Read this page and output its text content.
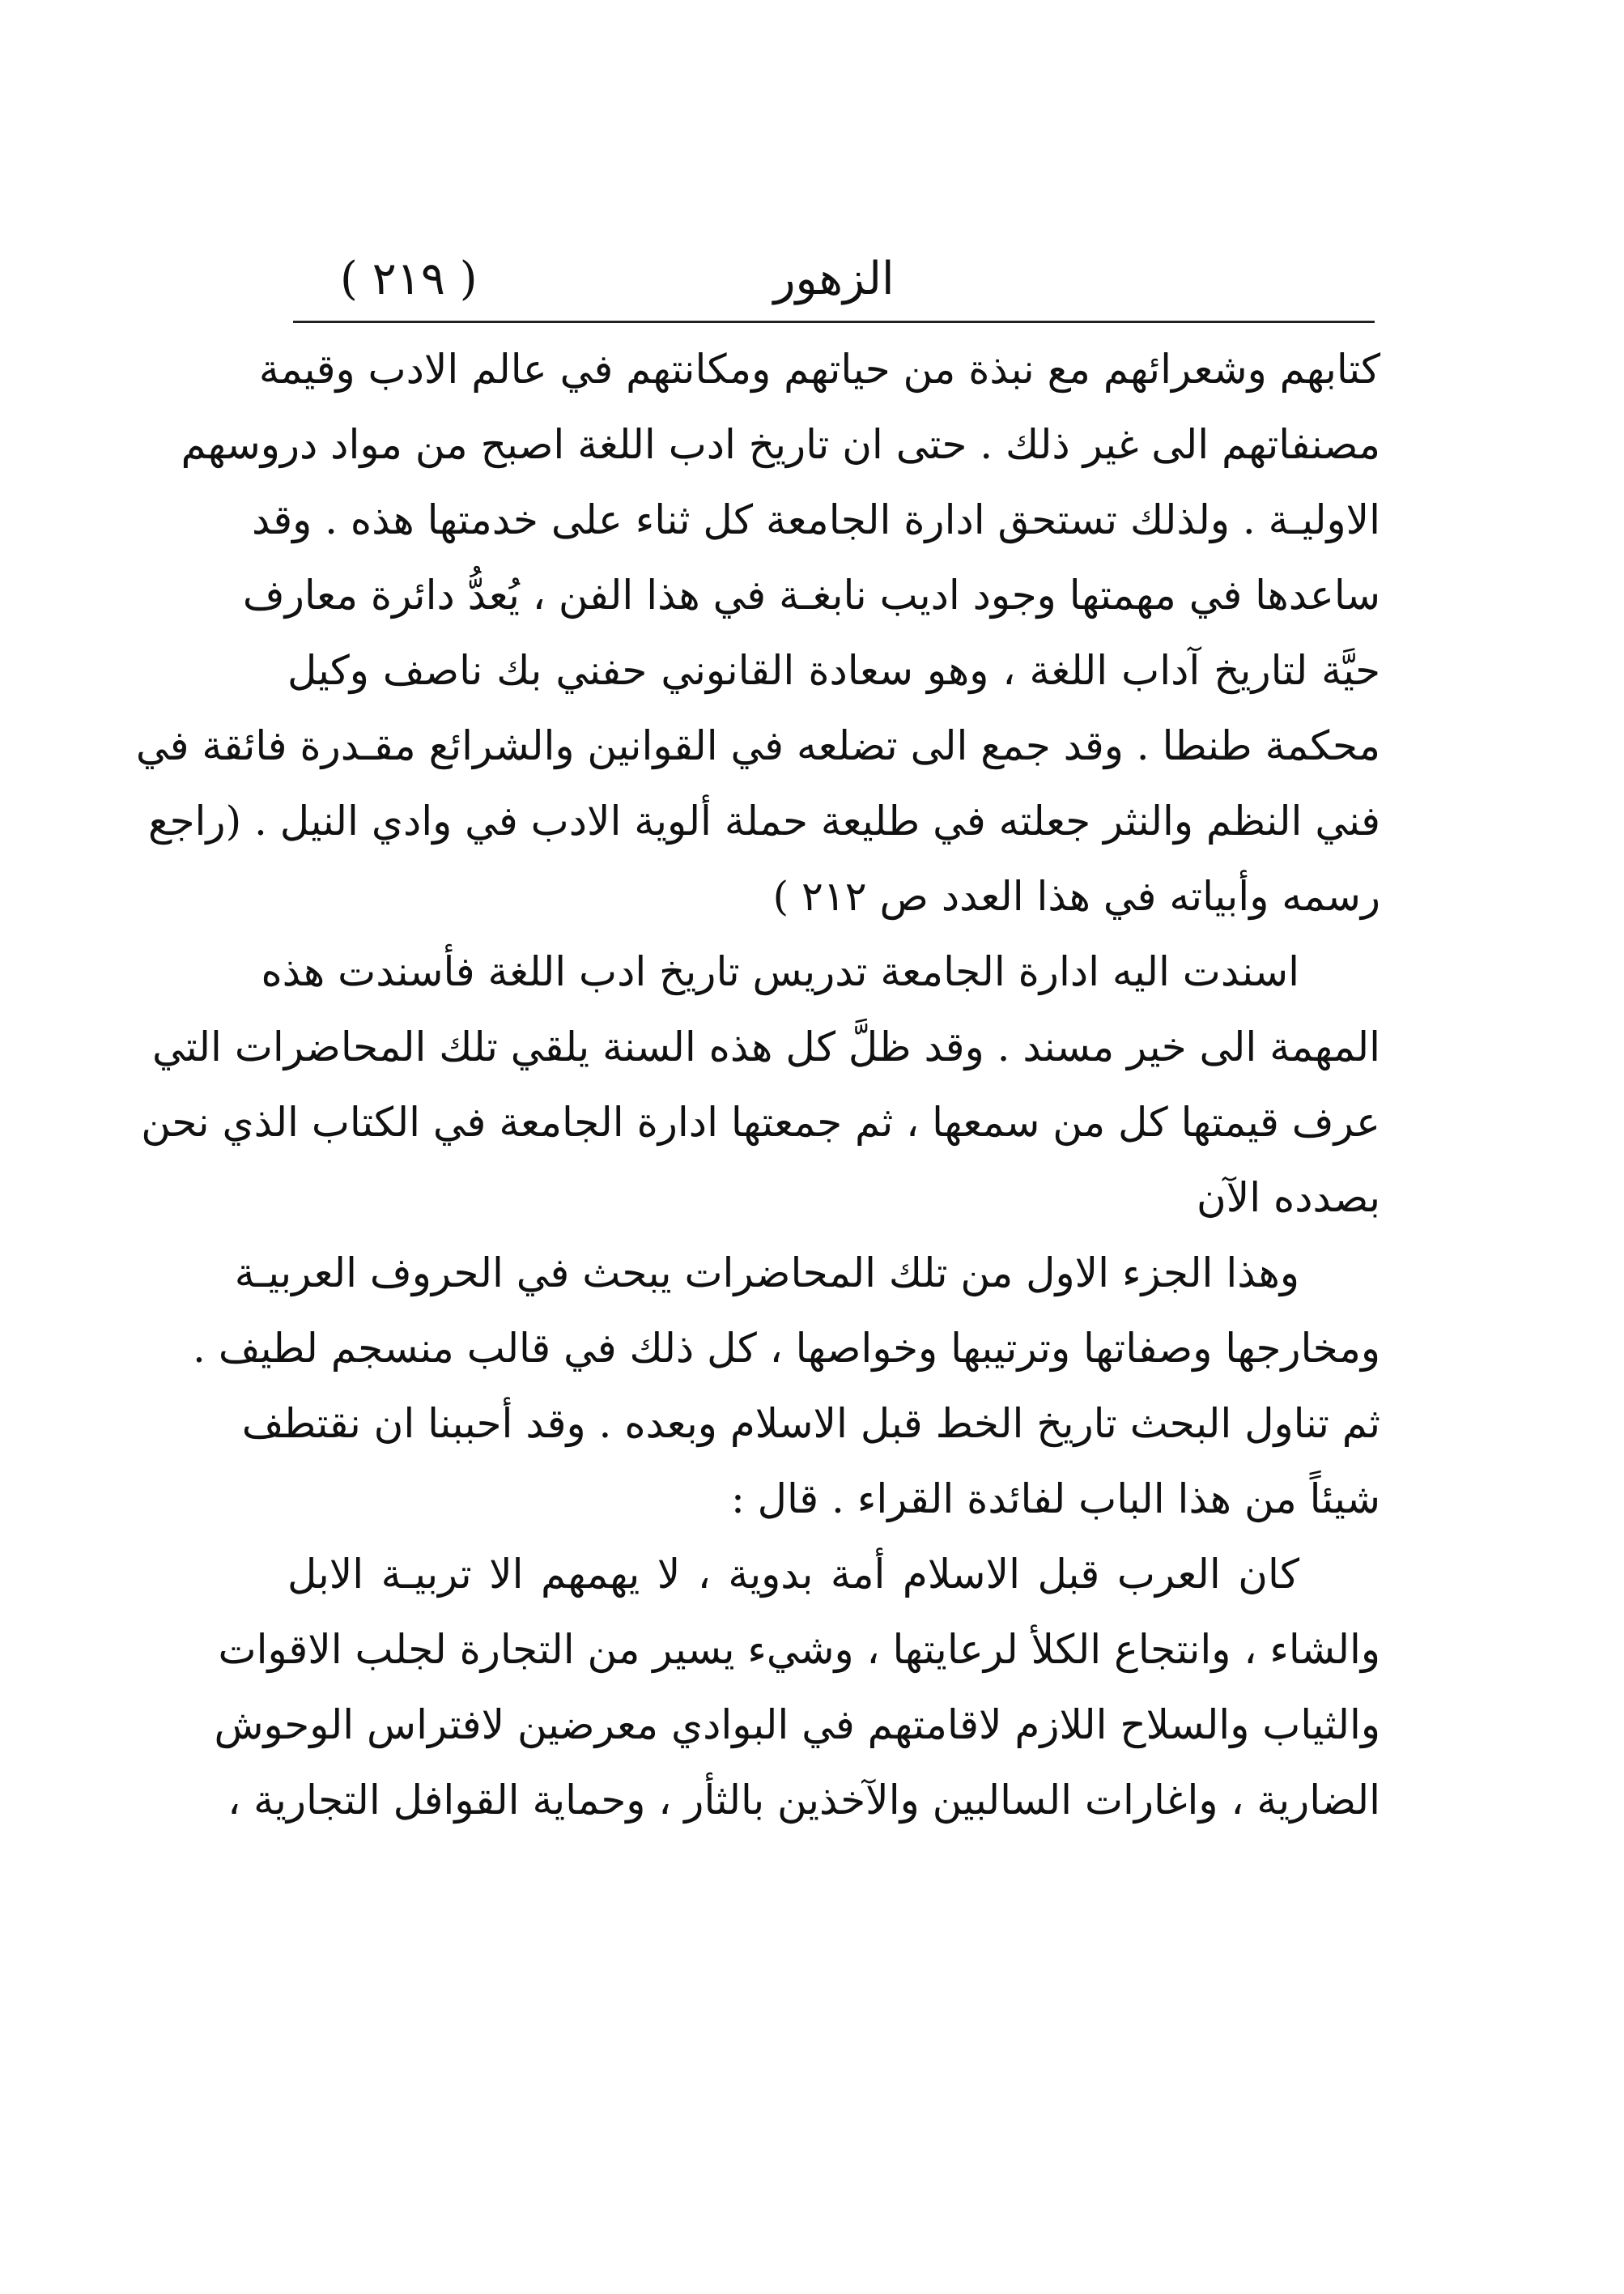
الزهور
( ٢١٩ )
كتابهم وشعرائهم مع نبذة من حياتهم ومكانتهم في عالم الادب وقيمة
مصنفاتهم الى غير ذلك . حتى ان تاريخ ادب اللغة اصبح من مواد دروسهم
الاوليـة . ولذلك تستحق ادارة الجامعة كل ثناء على خدمتها هذه . وقد
ساعدها في مهمتها وجود اديب نابغـة في هذا الفن ، يُعدُّ دائرة معارف
حيَّة لتاريخ آداب اللغة ، وهو سعادة القانوني حفني بك ناصف وكيل
محكمة طنطا . وقد جمع الى تضلعه في القوانين والشرائع مقـدرة فائقة في
فني النظم والنثر جعلته في طليعة حملة ألوية الادب في وادي النيل . (راجع
رسمه وأبياته في هذا العدد ص ٢١٢ )
اسندت اليه ادارة الجامعة تدريس تاريخ ادب اللغة فأسندت هذه
المهمة الى خير مسند . وقد ظلَّ كل هذه السنة يلقي تلك المحاضرات التي
عرف قيمتها كل من سمعها ، ثم جمعتها ادارة الجامعة في الكتاب الذي نحن
بصدده الآن
وهذا الجزء الاول من تلك المحاضرات يبحث في الحروف العربيـة
ومخارجها وصفاتها وترتيبها وخواصها ، كل ذلك في قالب منسجم لطيف .
ثم تناول البحث تاريخ الخط قبل الاسلام وبعده . وقد أحببنا ان نقتطف
شيئاً من هذا الباب لفائدة القراء . قال :
كان العرب قبل الاسلام أمة بدوية ، لا يهمهم الا تربيـة الابل
والشاء ، وانتجاع الكلأ لرعايتها ، وشيء يسير من التجارة لجلب الاقوات
والثياب والسلاح اللازم لاقامتهم في البوادي معرضين لافتراس الوحوش
الضارية ، واغارات السالبين والآخذين بالثأر ، وحماية القوافل التجارية ،
